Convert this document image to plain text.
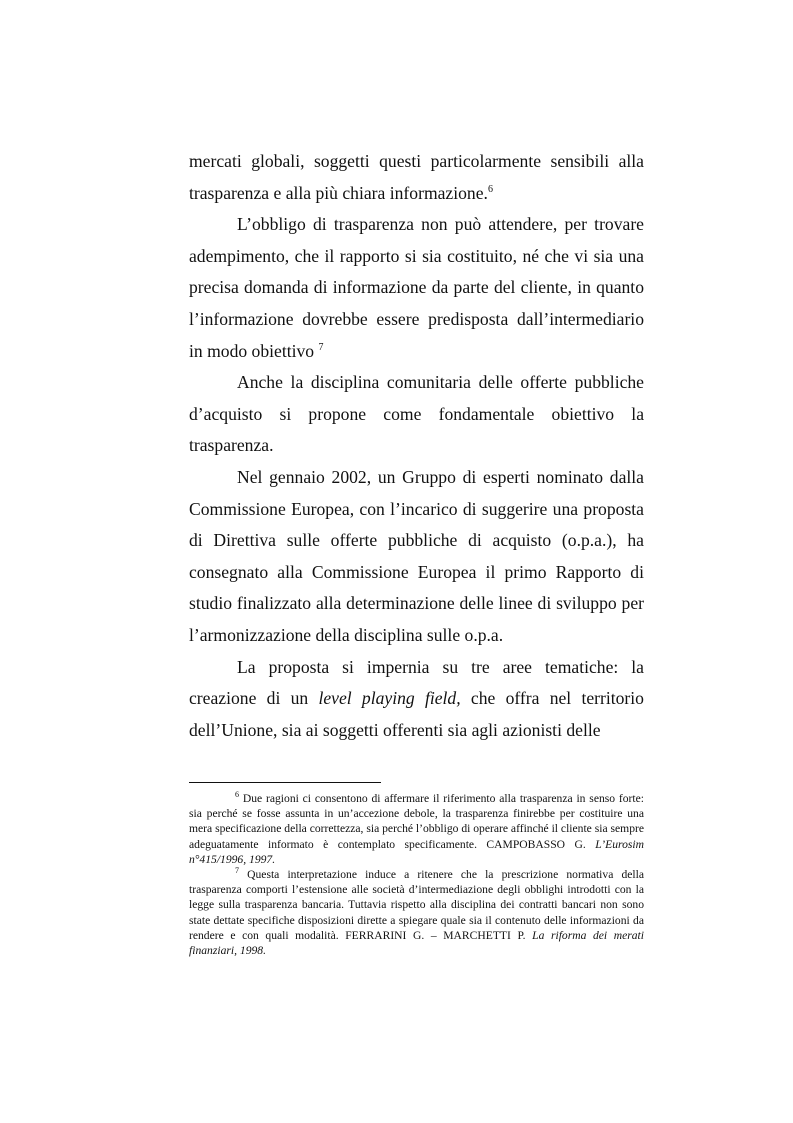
mercati globali, soggetti questi particolarmente sensibili alla trasparenza e alla più chiara informazione.$^6$

L’obbligo di trasparenza non può attendere, per trovare adempimento, che il rapporto si sia costituito, né che vi sia una precisa domanda di informazione da parte del cliente, in quanto l’informazione dovrebbe essere predisposta dall’intermediario in modo obiettivo $^7$

Anche la disciplina comunitaria delle offerte pubbliche d’acquisto si propone come fondamentale obiettivo la trasparenza.

Nel gennaio 2002, un Gruppo di esperti nominato dalla Commissione Europea, con l’incarico di suggerire una proposta di Direttiva sulle offerte pubbliche di acquisto (o.p.a.), ha consegnato alla Commissione Europea il primo Rapporto di studio finalizzato alla determinazione delle linee di sviluppo per l’armonizzazione della disciplina sulle o.p.a.

La proposta si impernia su tre aree tematiche: la creazione di un level playing field, che offra nel territorio dell’Unione, sia ai soggetti offerenti sia agli azionisti delle

$^6$ Due ragioni ci consentono di affermare il riferimento alla trasparenza in senso forte: sia perché se fosse assunta in un’accezione debole, la trasparenza finirebbe per costituire una mera specificazione della correttezza, sia perché l’obbligo di operare affinché il cliente sia sempre adeguatamente informato è contemplato specificamente. CAMPOBASSO G. L’Eurosim n°415/1996, 1997.

$^7$ Questa interpretazione induce a ritenere che la prescrizione normativa della trasparenza comporti l’estensione alle società d’intermediazione degli obblighi introdotti con la legge sulla trasparenza bancaria. Tuttavia rispetto alla disciplina dei contratti bancari non sono state dettate specifiche disposizioni dirette a spiegare quale sia il contenuto delle informazioni da rendere e con quali modalità. FERRARINI G. – MARCHETTI P. La riforma dei merati finanziari, 1998.
